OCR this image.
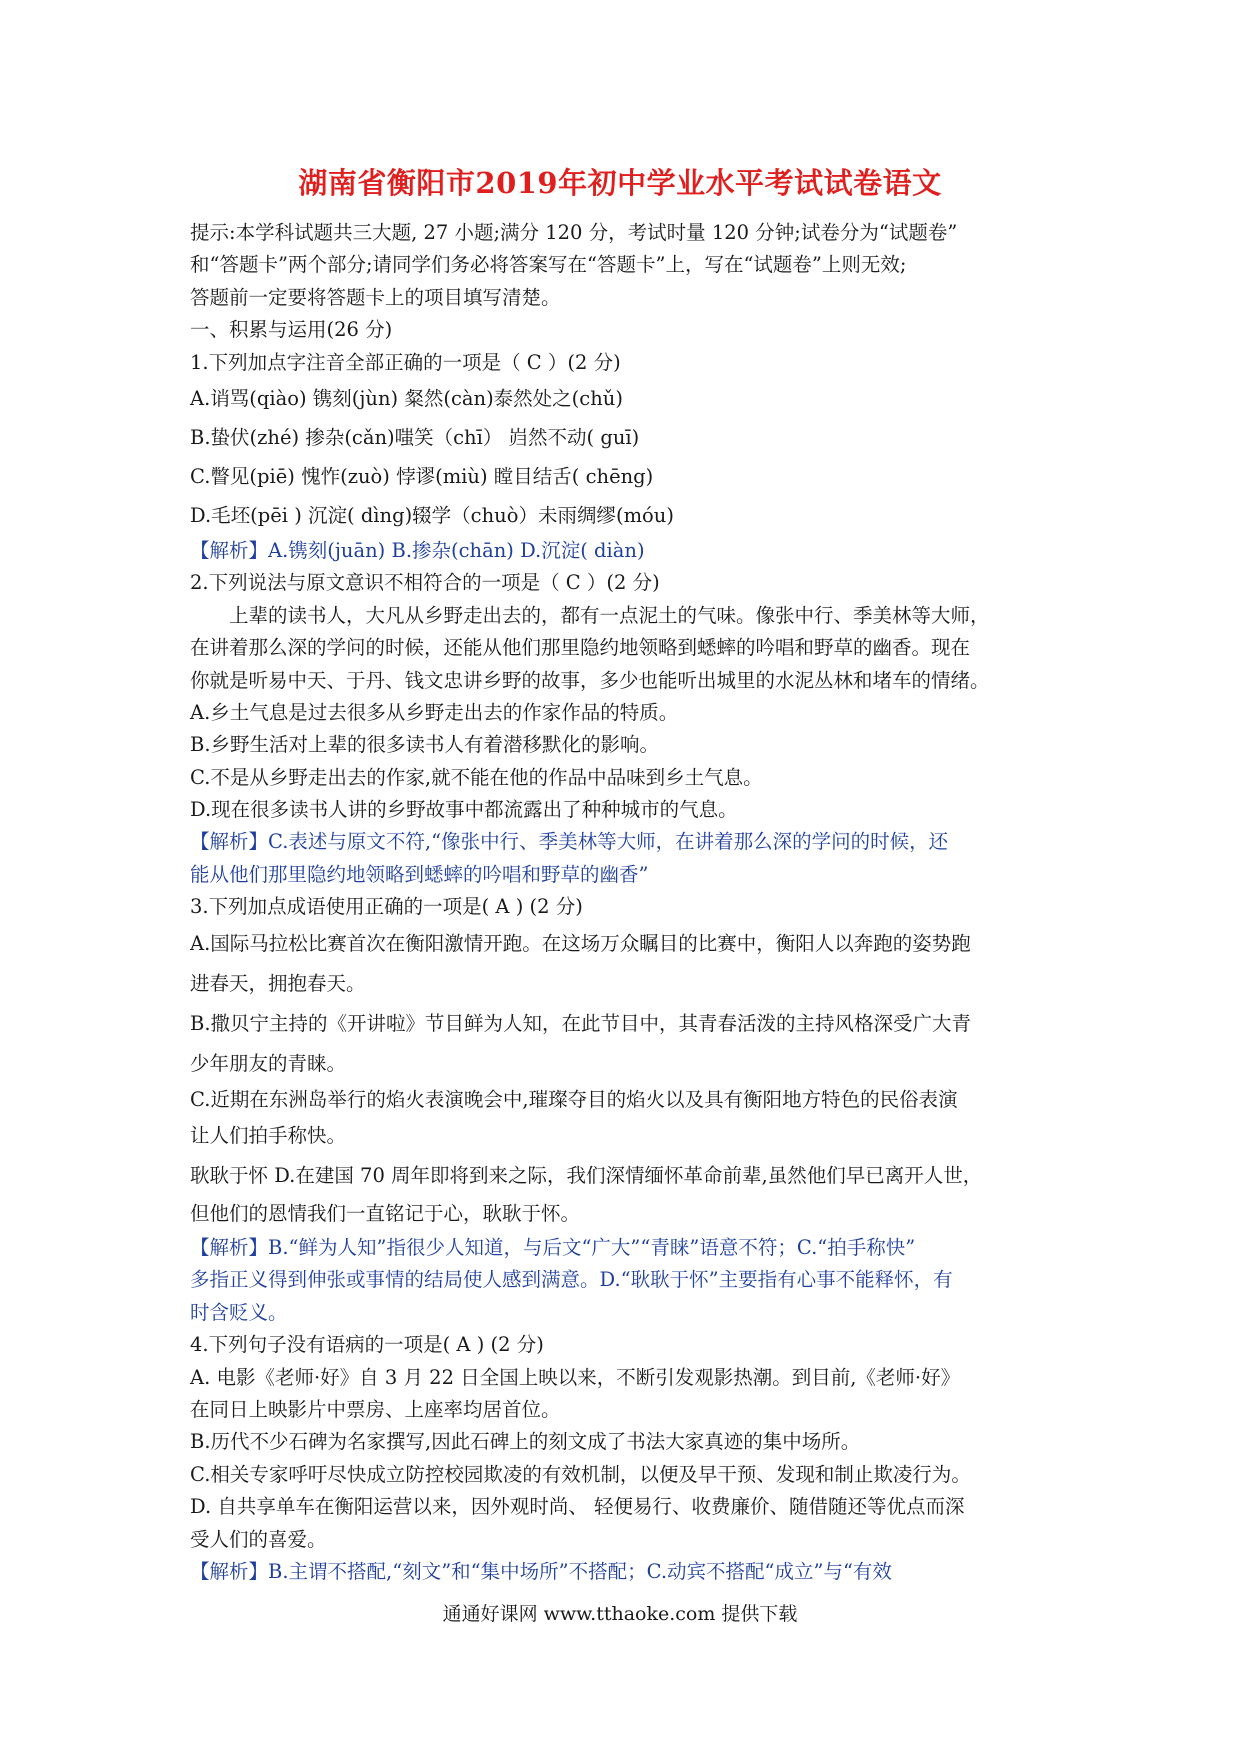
湖南省衡阳市2019年初中学业水平考试试卷语文
提示:本学科试题共三大题, 27 小题;满分 120 分，考试时量 120 分钟;试卷分为“试题卷”
和“答题卡”两个部分;请同学们务必将答案写在“答题卡”上，写在“试题卷”上则无效;
答题前一定要将答题卡上的项目填写清楚。
一、积累与运用(26 分)
1.下列加点字注音全部正确的一项是（ C ）(2 分)
A.诮骂(qiào) 镌刻(jùn) 粲然(càn)泰然处之(chǔ)
B.蛰伏(zhé) 掺杂(cǎn)嗤笑（chī） 岿然不动( guī)
C.瞥见(piē) 愧怍(zuò) 悖谬(miù) 瞠目结舌( chēng)
D.毛坯(pēi ) 沉淀( dìng)辍学（chuò）未雨绸缪(móu)
【解析】A.镌刻(juān) B.掺杂(chān) D.沉淀( diàn)
2.下列说法与原文意识不相符合的一项是（ C ）(2 分)
上辈的读书人，大凡从乡野走出去的，都有一点泥土的气味。像张中行、季美林等大师，
在讲着那么深的学问的时候，还能从他们那里隐约地领略到蟋蟀的吟唱和野草的幽香。现在
你就是听易中天、于丹、钱文忠讲乡野的故事，多少也能听出城里的水泥丛林和堵车的情绪。
A.乡土气息是过去很多从乡野走出去的作家作品的特质。
B.乡野生活对上辈的很多读书人有着潜移默化的影响。
C.不是从乡野走出去的作家,就不能在他的作品中品味到乡土气息。
D.现在很多读书人讲的乡野故事中都流露出了种种城市的气息。
【解析】C.表述与原文不符,“像张中行、季美林等大师，在讲着那么深的学问的时候，还
能从他们那里隐约地领略到蟋蟀的吟唱和野草的幽香”
3.下列加点成语使用正确的一项是( A ) (2 分)
A.国际马拉松比赛首次在衡阳激情开跑。在这场万众瞩目的比赛中，衡阳人以奔跑的姿势跑
进春天，拥抱春天。
B.撒贝宁主持的《开讲啦》节目鲜为人知，在此节目中，其青春活泼的主持风格深受广大青
少年朋友的青睐。
C.近期在东洲岛举行的焰火表演晚会中,璀璨夺目的焰火以及具有衡阳地方特色的民俗表演
让人们拍手称快。
耿耿于怀 D.在建国 70 周年即将到来之际，我们深情缅怀革命前辈,虽然他们早已离开人世，
但他们的恩情我们一直铭记于心，耿耿于怀。
【解析】B.“鲜为人知”指很少人知道，与后文“广大”“青睐”语意不符；C.“拍手称快”
多指正义得到伸张或事情的结局使人感到满意。D.“耿耿于怀”主要指有心事不能释怀，有
时含贬义。
4.下列句子没有语病的一项是( A ) (2 分)
A. 电影《老师·好》自 3 月 22 日全国上映以来，不断引发观影热潮。到目前,《老师·好》
在同日上映影片中票房、上座率均居首位。
B.历代不少石碑为名家撰写,因此石碑上的刻文成了书法大家真迹的集中场所。
C.相关专家呼吁尽快成立防控校园欺凌的有效机制，以便及早干预、发现和制止欺凌行为。
D. 自共享单车在衡阳运营以来，因外观时尚、 轻便易行、收费廉价、随借随还等优点而深
受人们的喜爱。
【解析】B.主谓不搭配,“刻文”和“集中场所”不搭配；C.动宾不搭配“成立”与“有效
通通好课网 www.tthaoke.com 提供下载
